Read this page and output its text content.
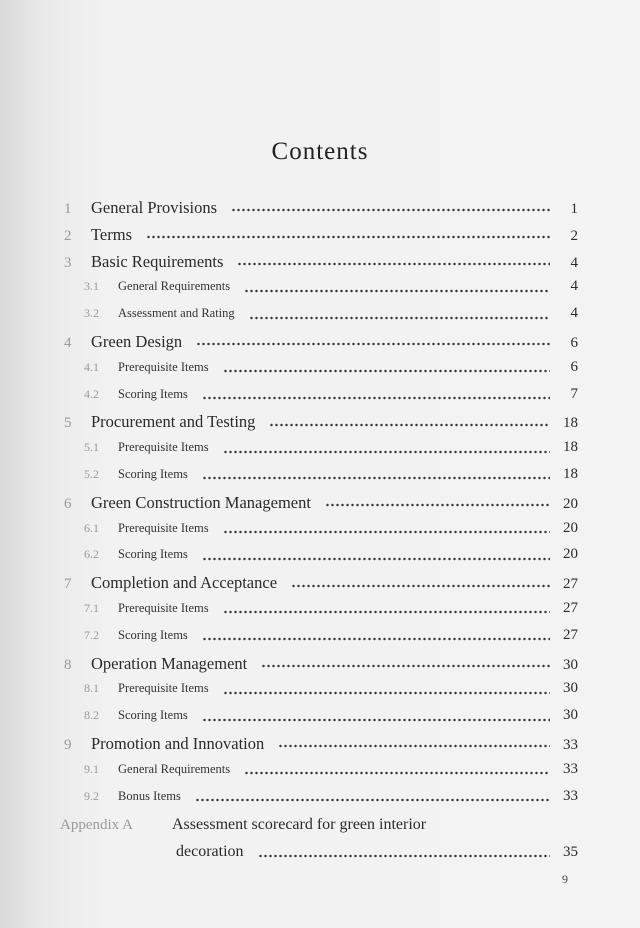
Contents
1	General Provisions	1
2	Terms	2
3	Basic Requirements	4
3.1	General Requirements	4
3.2	Assessment and Rating	4
4	Green Design	6
4.1	Prerequisite Items	6
4.2	Scoring Items	7
5	Procurement and Testing	18
5.1	Prerequisite Items	18
5.2	Scoring Items	18
6	Green Construction Management	20
6.1	Prerequisite Items	20
6.2	Scoring Items	20
7	Completion and Acceptance	27
7.1	Prerequisite Items	27
7.2	Scoring Items	27
8	Operation Management	30
8.1	Prerequisite Items	30
8.2	Scoring Items	30
9	Promotion and Innovation	33
9.1	General Requirements	33
9.2	Bonus Items	33
Appendix A	Assessment scorecard for green interior
decoration	35
9
